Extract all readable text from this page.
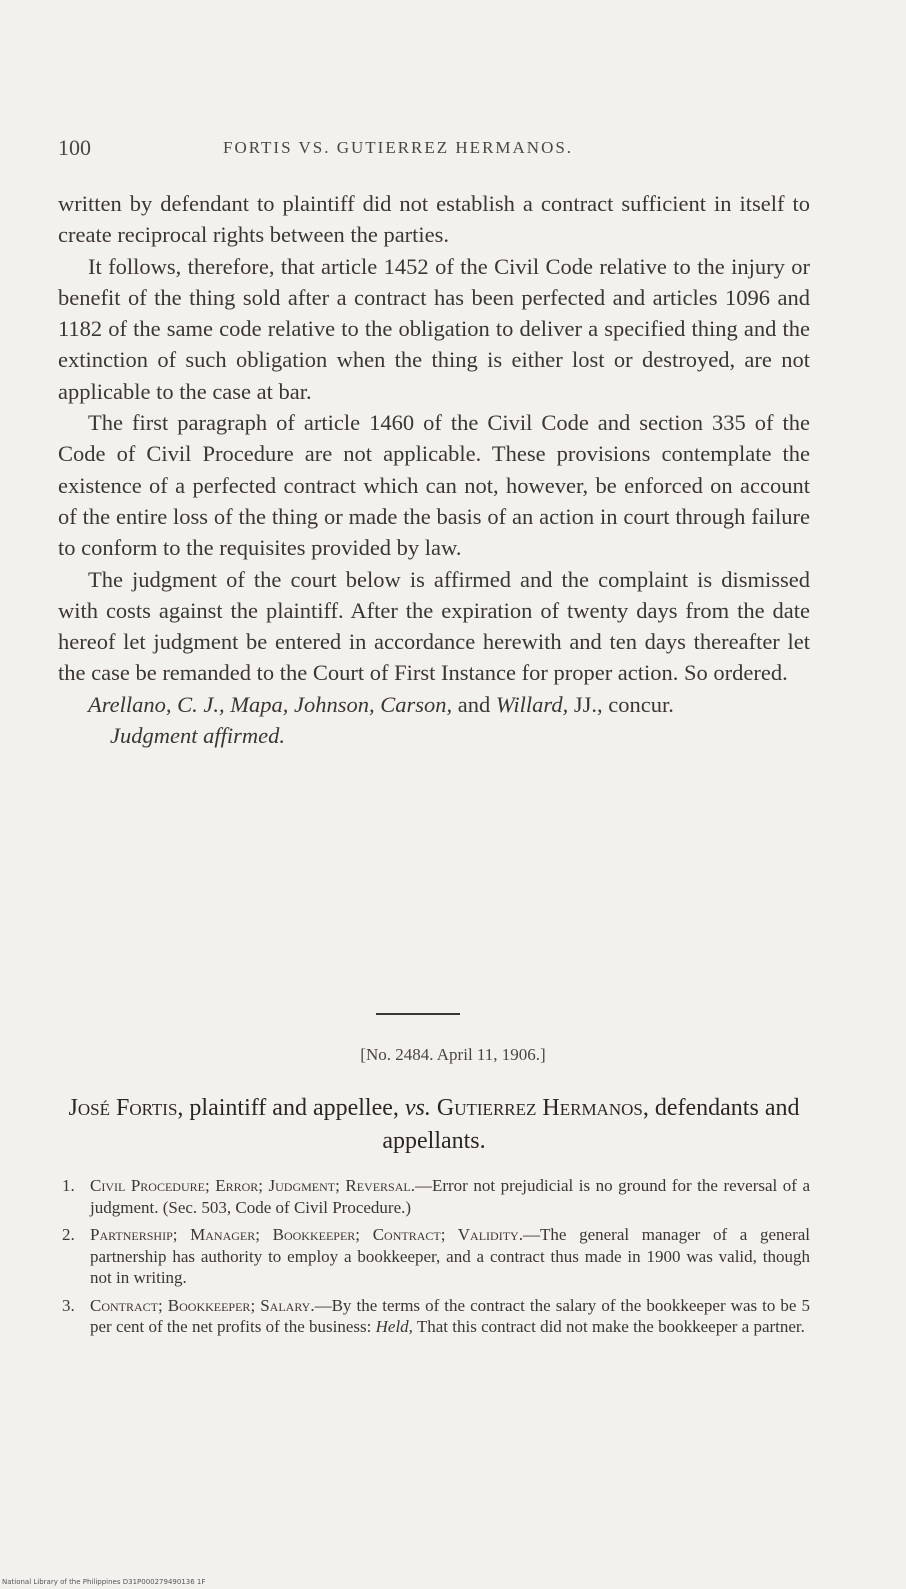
100	FORTIS VS. GUTIERREZ HERMANOS.

written by defendant to plaintiff did not establish a contract sufficient in itself to create reciprocal rights between the parties.

It follows, therefore, that article 1452 of the Civil Code relative to the injury or benefit of the thing sold after a contract has been perfected and articles 1096 and 1182 of the same code relative to the obligation to deliver a specified thing and the extinction of such obligation when the thing is either lost or destroyed, are not applicable to the case at bar.

The first paragraph of article 1460 of the Civil Code and section 335 of the Code of Civil Procedure are not applicable. These provisions contemplate the existence of a perfected contract which can not, however, be enforced on account of the entire loss of the thing or made the basis of an action in court through failure to conform to the requisites provided by law.

The judgment of the court below is affirmed and the complaint is dismissed with costs against the plaintiff. After the expiration of twenty days from the date hereof let judgment be entered in accordance herewith and ten days thereafter let the case be remanded to the Court of First Instance for proper action. So ordered.

Arellano, C. J., Mapa, Johnson, Carson, and Willard, JJ., concur.

Judgment affirmed.

[No. 2484. April 11, 1906.]
José Fortis, plaintiff and appellee, vs. Gutierrez Hermanos, defendants and appellants.
1. Civil Procedure; Error; Judgment; Reversal.—Error not prejudicial is no ground for the reversal of a judgment. (Sec. 503, Code of Civil Procedure.)
2. Partnership; Manager; Bookkeeper; Contract; Validity.—The general manager of a general partnership has authority to employ a bookkeeper, and a contract thus made in 1900 was valid, though not in writing.
3. Contract; Bookkeeper; Salary.—By the terms of the contract the salary of the bookkeeper was to be 5 per cent of the net profits of the business: Held, That this contract did not make the bookkeeper a partner.
National Library of the Philippines D31P000279490136 1F
